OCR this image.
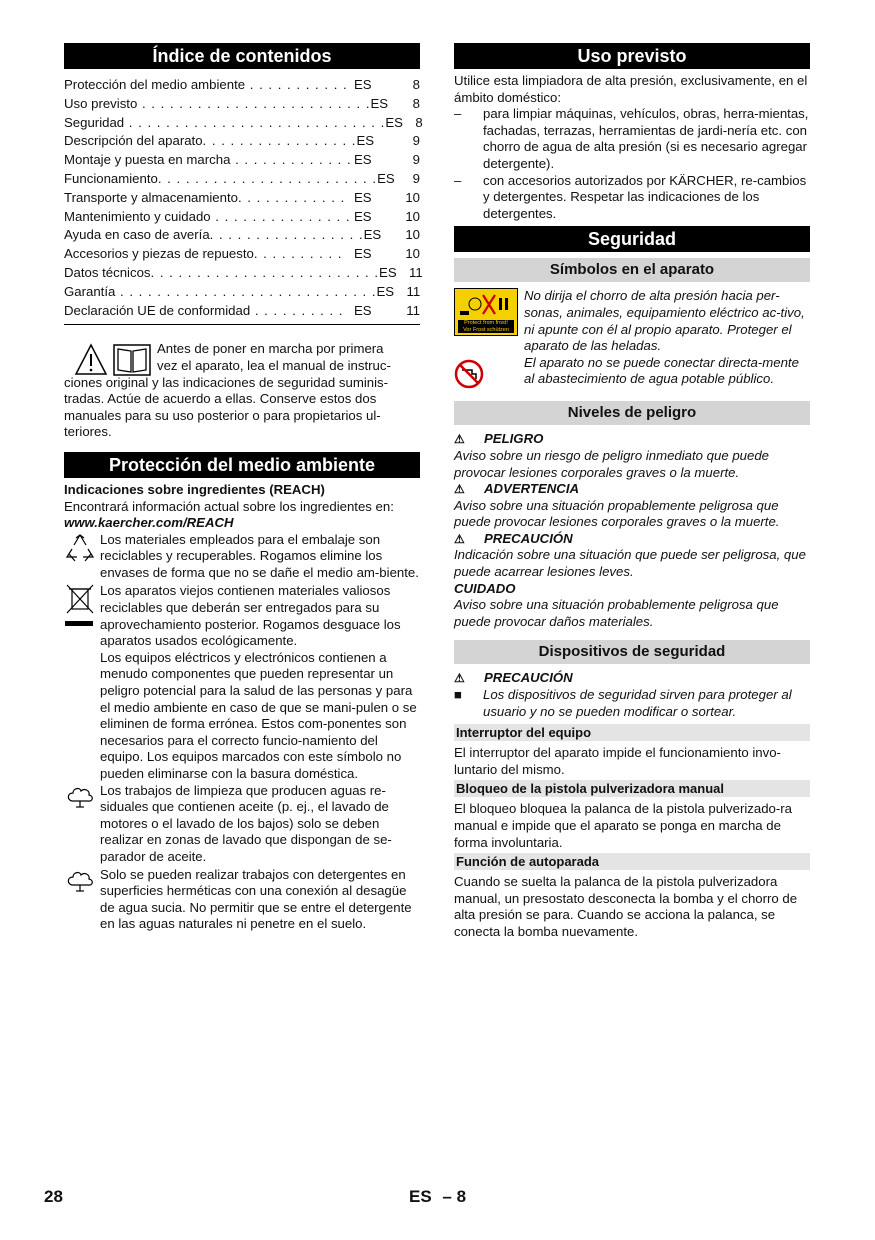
Índice de contenidos
Protección del medio ambiente . . . . . . . . . . . ES	8
Uso previsto . . . . . . . . . . . . . . . . . . . . . . . . . ES	8
Seguridad . . . . . . . . . . . . . . . . . . . . . . . . . . . . ES 8
Descripción del aparato. . . . . . . . . . . . . . . . . ES	9
Montaje y puesta en marcha . . . . . . . . . . . . . ES	9
Funcionamiento. . . . . . . . . . . . . . . . . . . . . . . . ES	9
Transporte y almacenamiento. . . . . . . . . . . . ES	10
Mantenimiento y cuidado . . . . . . . . . . . . . . . ES	10
Ayuda en caso de avería. . . . . . . . . . . . . . . . . ES	10
Accesorios y piezas de repuesto. . . . . . . . . . ES	10
Datos técnicos. . . . . . . . . . . . . . . . . . . . . . . . . ES 11
Garantía . . . . . . . . . . . . . . . . . . . . . . . . . . . . ES 11
Declaración UE de conformidad . . . . . . . . . . ES	11

Antes de poner en marcha por primera

vez el aparato, lea el manual de instruc-

ciones original y las indicaciones de seguridad suminis-tradas. Actúe de acuerdo a ellas. Conserve estos dos manuales para su uso posterior o para propietarios ul-teriores.

Protección del medio ambiente

Indicaciones sobre ingredientes (REACH)

Encontrará información actual sobre los ingredientes en:

www.kaercher.com/REACH

Los materiales empleados para el embalaje son reciclables y recuperables. Rogamos elimine los envases de forma que no se dañe el medio am-biente.

Los aparatos viejos contienen materiales valiosos reciclables que deberán ser entregados para su aprovechamiento posterior. Rogamos desguace los aparatos usados ecológicamente.

Los equipos eléctricos y electrónicos contienen a menudo componentes que pueden representar un peligro potencial para la salud de las personas y para el medio ambiente en caso de que se mani-pulen o se eliminen de forma errónea. Estos com-ponentes son necesarios para el correcto funcio-namiento del equipo. Los equipos marcados con este símbolo no pueden eliminarse con la basura doméstica.

Los trabajos de limpieza que producen aguas re-siduales que contienen aceite (p. ej., el lavado de motores o el lavado de los bajos) solo se deben realizar en zonas de lavado que dispongan de se-parador de aceite.

Solo se pueden realizar trabajos con detergentes en superficies herméticas con una conexión al desagüe de agua sucia. No permitir que se entre el detergente en las aguas naturales ni penetre en el suelo.

Uso previsto

Utilice esta limpiadora de alta presión, exclusivamente, en el ámbito doméstico:

–	para limpiar máquinas, vehículos, obras, herra-mientas, fachadas, terrazas, herramientas de jardi-nería etc. con chorro de agua de alta presión (si es necesario agregar detergente).
–	con accesorios autorizados por KÄRCHER, re-cambios y detergentes. Respetar las indicaciones de los detergentes.
Seguridad
Símbolos en el aparato
Protect from frost!
Vor Frost schützen

No dirija el chorro de alta presión hacia per-sonas, animales, equipamiento eléctrico ac-tivo, ni apunte con él al propio aparato. Proteger el aparato de las heladas.

El aparato no se puede conectar directa-mente al abastecimiento de agua potable público.

Niveles de peligro
⚠	PELIGRO

Aviso sobre un riesgo de peligro inmediato que puede provocar lesiones corporales graves o la muerte.

⚠	ADVERTENCIA

Aviso sobre una situación propablemente peligrosa que puede provocar lesiones corporales graves o la muerte.

⚠	PRECAUCIÓN

Indicación sobre una situación que puede ser peligrosa, que puede acarrear lesiones leves.

CUIDADO

Aviso sobre una situación probablemente peligrosa que puede provocar daños materiales.

Dispositivos de seguridad
⚠	PRECAUCIÓN
■	Los dispositivos de seguridad sirven para proteger al usuario y no se pueden modificar o sortear.
Interruptor del equipo

El interruptor del aparato impide el funcionamiento invo-luntario del mismo.

Bloqueo de la pistola pulverizadora manual

El bloqueo bloquea la palanca de la pistola pulverizado-ra manual e impide que el aparato se ponga en marcha de forma involuntaria.

Función de autoparada

Cuando se suelta la palanca de la pistola pulverizadora manual, un presostato desconecta la bomba y el chorro de alta presión se para. Cuando se acciona la palanca, se conecta la bomba nuevamente.

28	ES – 8
